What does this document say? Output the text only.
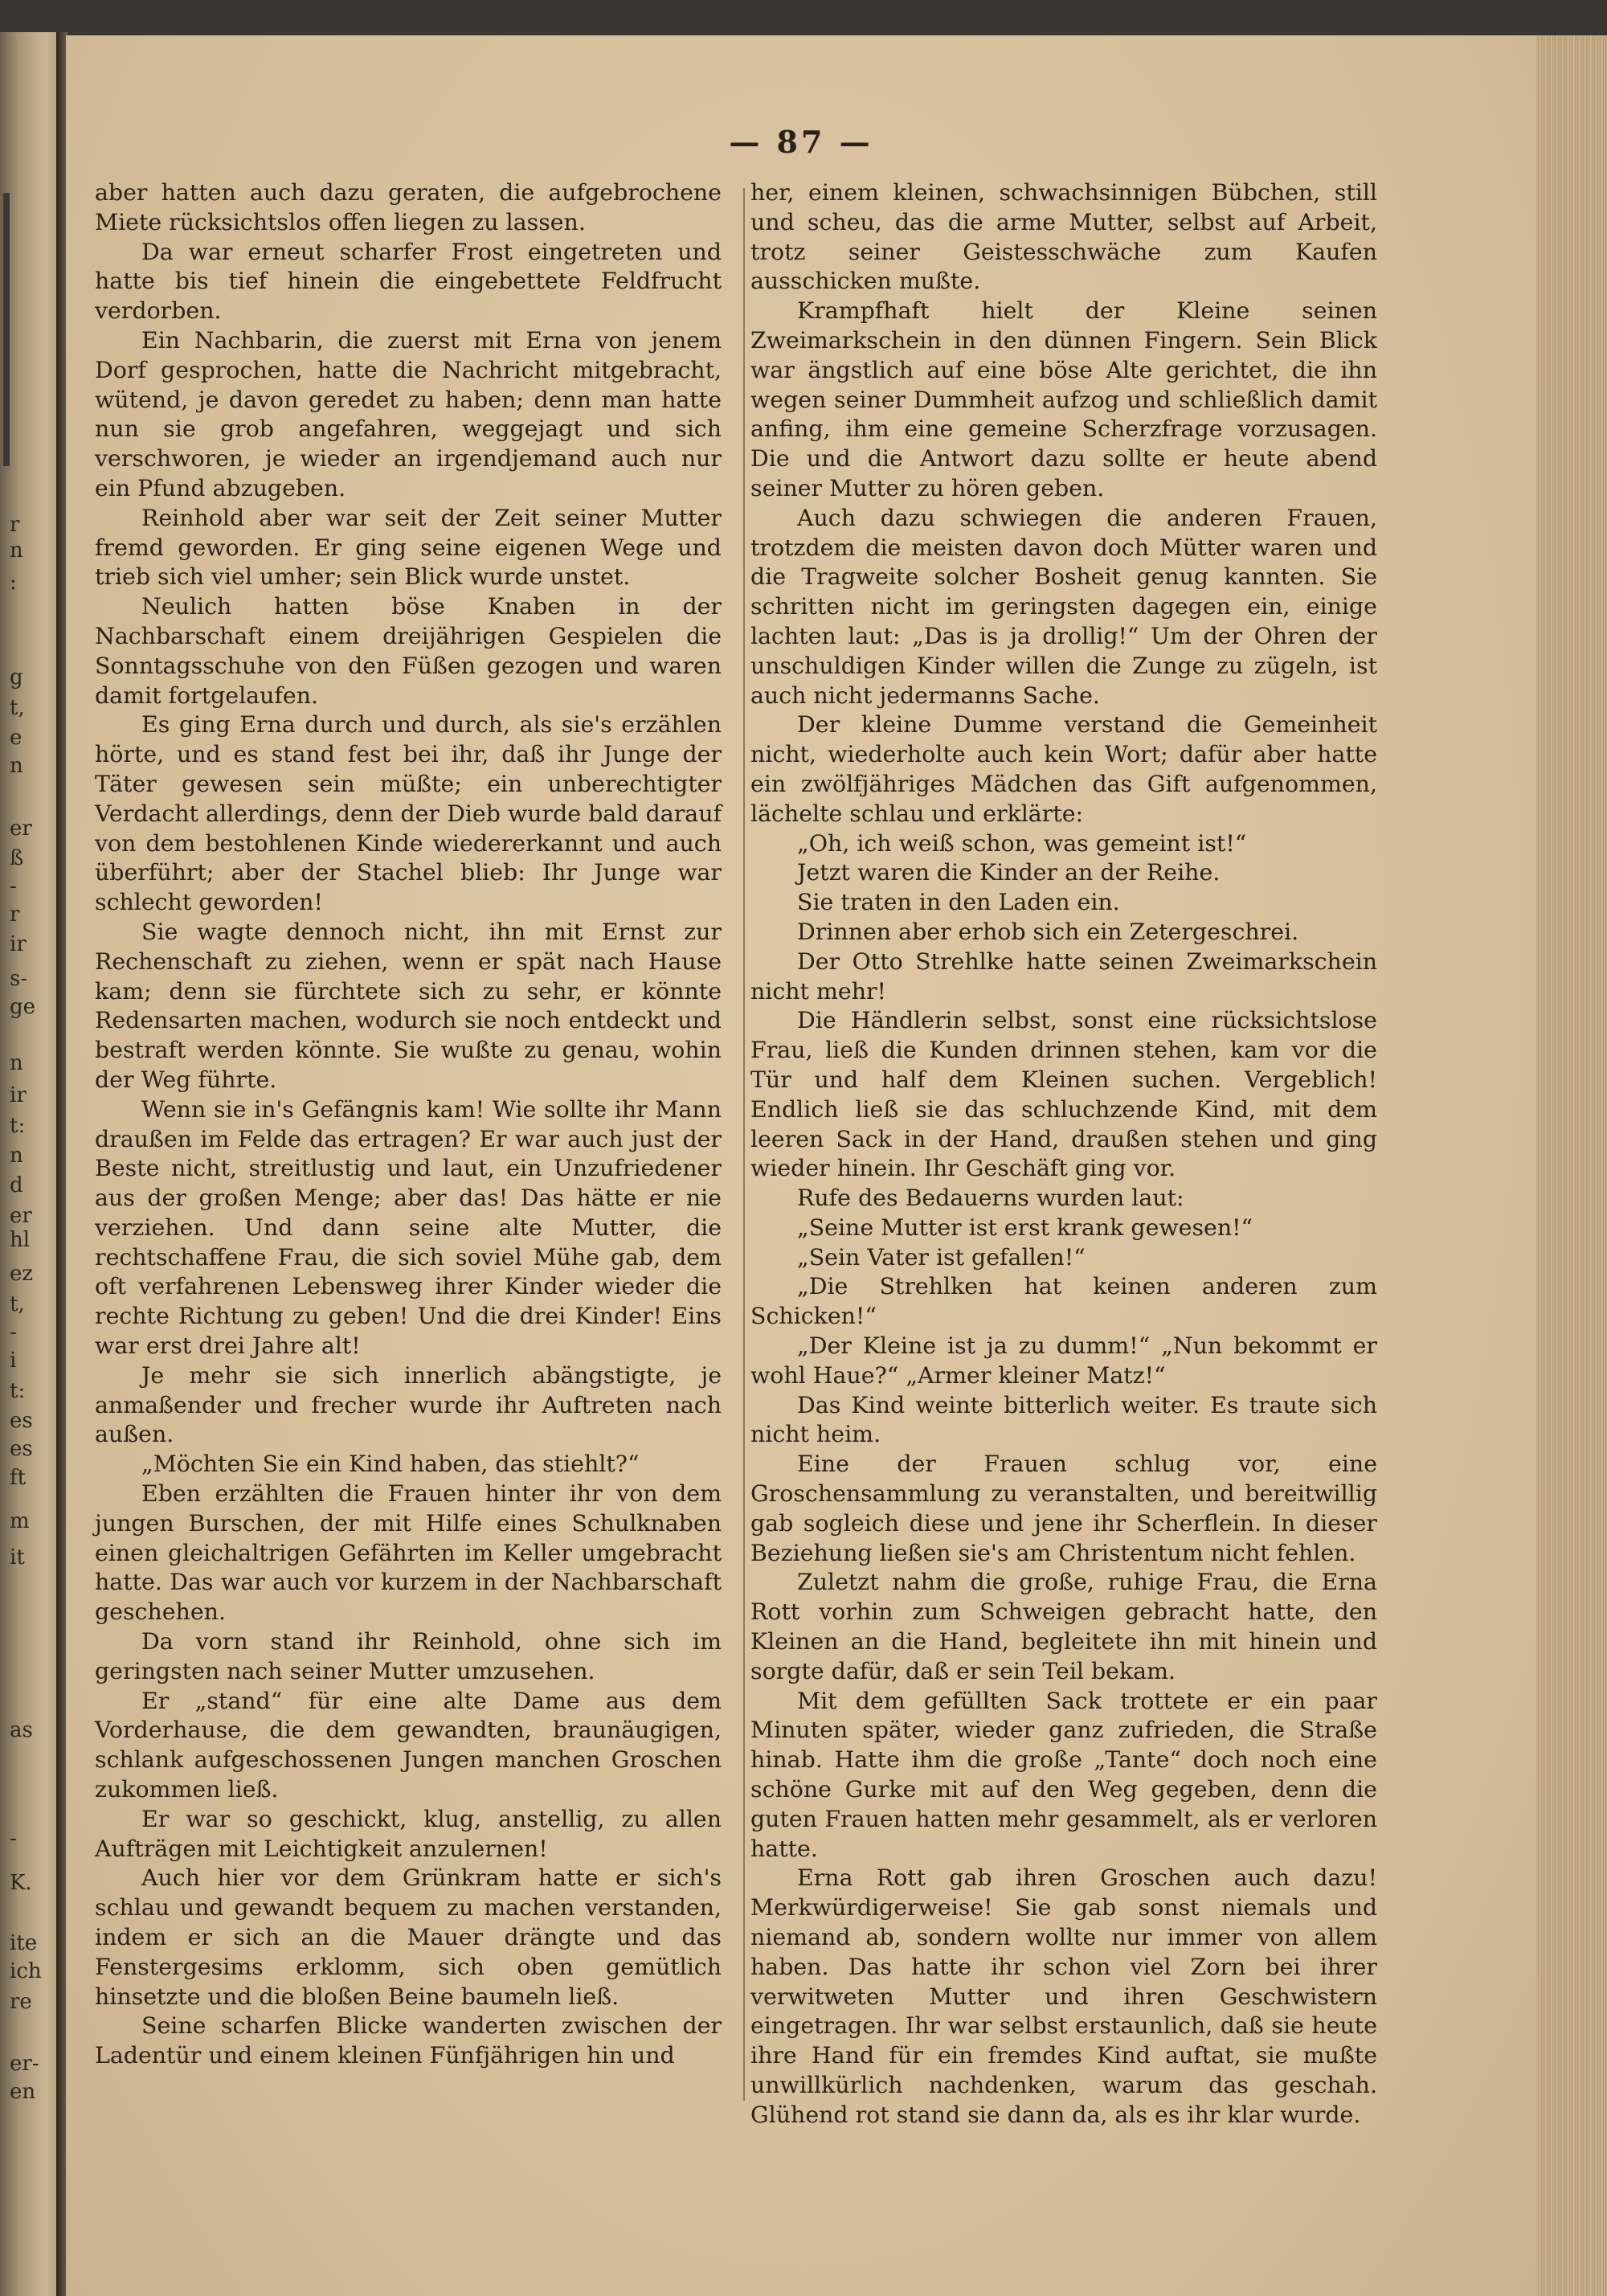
r
n
:
g
t,
e
n
er
ß
-
r
ir
s-
ge
n
ir
t:
n
d
er
hl
ez
t,
-
i
t:
es
es
ft
m
it
as
-
K.
ite
ich
re
er-
en
— 87 —

aber hatten auch dazu geraten, die aufgebrochene Miete rücksichtslos offen liegen zu lassen.

Da war erneut scharfer Frost eingetreten und hatte bis tief hinein die eingebettete Feldfrucht verdorben.

Ein Nachbarin, die zuerst mit Erna von jenem Dorf gesprochen, hatte die Nachricht mitgebracht, wütend, je davon geredet zu haben; denn man hatte nun sie grob angefahren, weggejagt und sich verschworen, je wieder an irgendjemand auch nur ein Pfund abzugeben.

Reinhold aber war seit der Zeit seiner Mutter fremd geworden. Er ging seine eigenen Wege und trieb sich viel umher; sein Blick wurde unstet.

Neulich hatten böse Knaben in der Nachbarschaft einem dreijährigen Gespielen die Sonntagsschuhe von den Füßen gezogen und waren damit fortgelaufen.

Es ging Erna durch und durch, als sie's erzählen hörte, und es stand fest bei ihr, daß ihr Junge der Täter gewesen sein müßte; ein unberechtigter Verdacht allerdings, denn der Dieb wurde bald darauf von dem bestohlenen Kinde wiedererkannt und auch überführt; aber der Stachel blieb: Ihr Junge war schlecht geworden!

Sie wagte dennoch nicht, ihn mit Ernst zur Rechenschaft zu ziehen, wenn er spät nach Hause kam; denn sie fürchtete sich zu sehr, er könnte Redensarten machen, wodurch sie noch entdeckt und bestraft werden könnte. Sie wußte zu genau, wohin der Weg führte.

Wenn sie in's Gefängnis kam! Wie sollte ihr Mann draußen im Felde das ertragen? Er war auch just der Beste nicht, streitlustig und laut, ein Unzufriedener aus der großen Menge; aber das! Das hätte er nie verziehen. Und dann seine alte Mutter, die rechtschaffene Frau, die sich soviel Mühe gab, dem oft verfahrenen Lebensweg ihrer Kinder wieder die rechte Richtung zu geben! Und die drei Kinder! Eins war erst drei Jahre alt!

Je mehr sie sich innerlich abängstigte, je anmaßender und frecher wurde ihr Auftreten nach außen.

„Möchten Sie ein Kind haben, das stiehlt?“

Eben erzählten die Frauen hinter ihr von dem jungen Burschen, der mit Hilfe eines Schulknaben einen gleichaltrigen Gefährten im Keller umgebracht hatte. Das war auch vor kurzem in der Nachbarschaft geschehen.

Da vorn stand ihr Reinhold, ohne sich im geringsten nach seiner Mutter umzusehen.

Er „stand“ für eine alte Dame aus dem Vorderhause, die dem gewandten, braunäugigen, schlank aufgeschossenen Jungen manchen Groschen zukommen ließ.

Er war so geschickt, klug, anstellig, zu allen Aufträgen mit Leichtigkeit anzulernen!

Auch hier vor dem Grünkram hatte er sich's schlau und gewandt bequem zu machen verstanden, indem er sich an die Mauer drängte und das Fenstergesims erklomm, sich oben gemütlich hinsetzte und die bloßen Beine baumeln ließ.

Seine scharfen Blicke wanderten zwischen der Ladentür und einem kleinen Fünfjährigen hin und

her, einem kleinen, schwachsinnigen Bübchen, still und scheu, das die arme Mutter, selbst auf Arbeit, trotz seiner Geistesschwäche zum Kaufen ausschicken mußte.

Krampfhaft hielt der Kleine seinen Zweimarkschein in den dünnen Fingern. Sein Blick war ängstlich auf eine böse Alte gerichtet, die ihn wegen seiner Dummheit aufzog und schließlich damit anfing, ihm eine gemeine Scherzfrage vorzusagen. Die und die Antwort dazu sollte er heute abend seiner Mutter zu hören geben.

Auch dazu schwiegen die anderen Frauen, trotzdem die meisten davon doch Mütter waren und die Tragweite solcher Bosheit genug kannten. Sie schritten nicht im geringsten dagegen ein, einige lachten laut: „Das is ja drollig!“ Um der Ohren der unschuldigen Kinder willen die Zunge zu zügeln, ist auch nicht jedermanns Sache.

Der kleine Dumme verstand die Gemeinheit nicht, wiederholte auch kein Wort; dafür aber hatte ein zwölfjähriges Mädchen das Gift aufgenommen, lächelte schlau und erklärte:

„Oh, ich weiß schon, was gemeint ist!“

Jetzt waren die Kinder an der Reihe.

Sie traten in den Laden ein.

Drinnen aber erhob sich ein Zetergeschrei.

Der Otto Strehlke hatte seinen Zweimarkschein nicht mehr!

Die Händlerin selbst, sonst eine rücksichtslose Frau, ließ die Kunden drinnen stehen, kam vor die Tür und half dem Kleinen suchen. Vergeblich! Endlich ließ sie das schluchzende Kind, mit dem leeren Sack in der Hand, draußen stehen und ging wieder hinein. Ihr Geschäft ging vor.

Rufe des Bedauerns wurden laut:

„Seine Mutter ist erst krank gewesen!“

„Sein Vater ist gefallen!“

„Die Strehlken hat keinen anderen zum Schicken!“

„Der Kleine ist ja zu dumm!“ „Nun bekommt er wohl Haue?“ „Armer kleiner Matz!“

Das Kind weinte bitterlich weiter. Es traute sich nicht heim.

Eine der Frauen schlug vor, eine Groschensammlung zu veranstalten, und bereitwillig gab sogleich diese und jene ihr Scherflein. In dieser Beziehung ließen sie's am Christentum nicht fehlen.

Zuletzt nahm die große, ruhige Frau, die Erna Rott vorhin zum Schweigen gebracht hatte, den Kleinen an die Hand, begleitete ihn mit hinein und sorgte dafür, daß er sein Teil bekam.

Mit dem gefüllten Sack trottete er ein paar Minuten später, wieder ganz zufrieden, die Straße hinab. Hatte ihm die große „Tante“ doch noch eine schöne Gurke mit auf den Weg gegeben, denn die guten Frauen hatten mehr gesammelt, als er verloren hatte.

Erna Rott gab ihren Groschen auch dazu! Merkwürdigerweise! Sie gab sonst niemals und niemand ab, sondern wollte nur immer von allem haben. Das hatte ihr schon viel Zorn bei ihrer verwitweten Mutter und ihren Geschwistern eingetragen. Ihr war selbst erstaunlich, daß sie heute ihre Hand für ein fremdes Kind auftat, sie mußte unwillkürlich nachdenken, warum das geschah. Glühend rot stand sie dann da, als es ihr klar wurde.
